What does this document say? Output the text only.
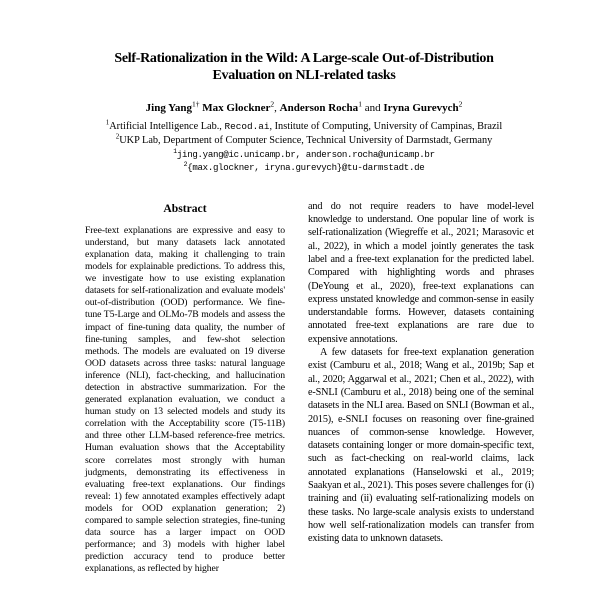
Self-Rationalization in the Wild: A Large-scale Out-of-Distribution
Evaluation on NLI-related tasks
Jing Yang$^{1\dagger}$ Max Glockner$^2$, Anderson Rocha$^1$ and Iryna Gurevych$^2$
$^1$Artificial Intelligence Lab., Recod.ai, Institute of Computing, University of Campinas, Brazil
$^2$UKP Lab, Department of Computer Science, Technical University of Darmstadt, Germany
$^1$jing.yang@ic.unicamp.br, anderson.rocha@unicamp.br
$^2${max.glockner, iryna.gurevych}@tu-darmstadt.de
Abstract

Free-text explanations are expressive and easy to understand, but many datasets lack annotated explanation data, making it challenging to train models for explainable predictions. To address this, we investigate how to use existing explanation datasets for self-rationalization and evaluate models' out-of-distribution (OOD) performance. We fine-tune T5-Large and OLMo-7B models and assess the impact of fine-tuning data quality, the number of fine-tuning samples, and few-shot selection methods. The models are evaluated on 19 diverse OOD datasets across three tasks: natural language inference (NLI), fact-checking, and hallucination detection in abstractive summarization. For the generated explanation evaluation, we conduct a human study on 13 selected models and study its correlation with the Acceptability score (T5-11B) and three other LLM-based reference-free metrics. Human evaluation shows that the Acceptability score correlates most strongly with human judgments, demonstrating its effectiveness in evaluating free-text explanations. Our findings reveal: 1) few annotated examples effectively adapt models for OOD explanation generation; 2) compared to sample selection strategies, fine-tuning data source has a larger impact on OOD performance; and 3) models with higher label prediction accuracy tend to produce better explanations, as reflected by higher

and do not require readers to have model-level knowledge to understand. One popular line of work is self-rationalization (Wiegreffe et al., 2021; Marasovic et al., 2022), in which a model jointly generates the task label and a free-text explanation for the predicted label. Compared with highlighting words and phrases (DeYoung et al., 2020), free-text explanations can express unstated knowledge and common-sense in easily understandable forms. However, datasets containing annotated free-text explanations are rare due to expensive annotations.

A few datasets for free-text explanation generation exist (Camburu et al., 2018; Wang et al., 2019b; Sap et al., 2020; Aggarwal et al., 2021; Chen et al., 2022), with e-SNLI (Camburu et al., 2018) being one of the seminal datasets in the NLI area. Based on SNLI (Bowman et al., 2015), e-SNLI focuses on reasoning over fine-grained nuances of common-sense knowledge. However, datasets containing longer or more domain-specific text, such as fact-checking on real-world claims, lack annotated explanations (Hanselowski et al., 2019; Saakyan et al., 2021). This poses severe challenges for (i) training and (ii) evaluating self-rationalizing models on these tasks. No large-scale analysis exists to understand how well self-rationalization models can transfer from existing data to unknown datasets.
